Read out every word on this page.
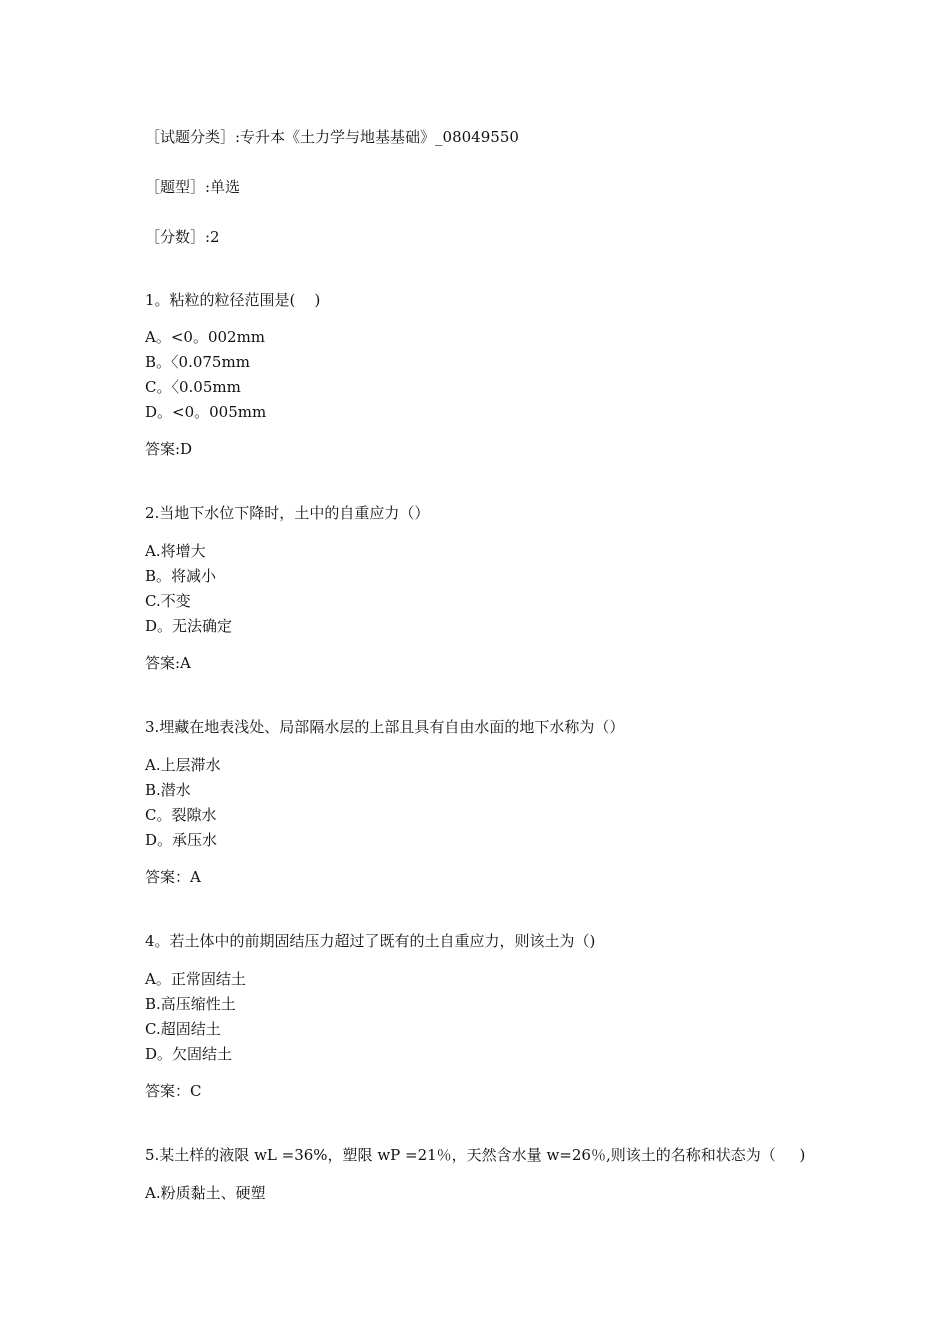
［试题分类］:专升本《土力学与地基基础》_08049550
［题型］:单选
［分数］:2
1。粘粒的粒径范围是(    )
A。<0。002mm
B。〈0.075mm
C。〈0.05mm
D。<0。005mm
答案:D
2.当地下水位下降时，土中的自重应力（）
A.将增大
B。将减小
C.不变
D。无法确定
答案:A
3.埋藏在地表浅处、局部隔水层的上部且具有自由水面的地下水称为（）
A.上层滞水
B.潜水
C。裂隙水
D。承压水
答案：A
4。若土体中的前期固结压力超过了既有的土自重应力，则该土为（)
A。正常固结土
B.高压缩性土
C.超固结土
D。欠固结土
答案：C
5.某土样的液限 wL =36%，塑限 wP =21％，天然含水量 w=26％,则该土的名称和状态为（     )
A.粉质黏土、硬塑
